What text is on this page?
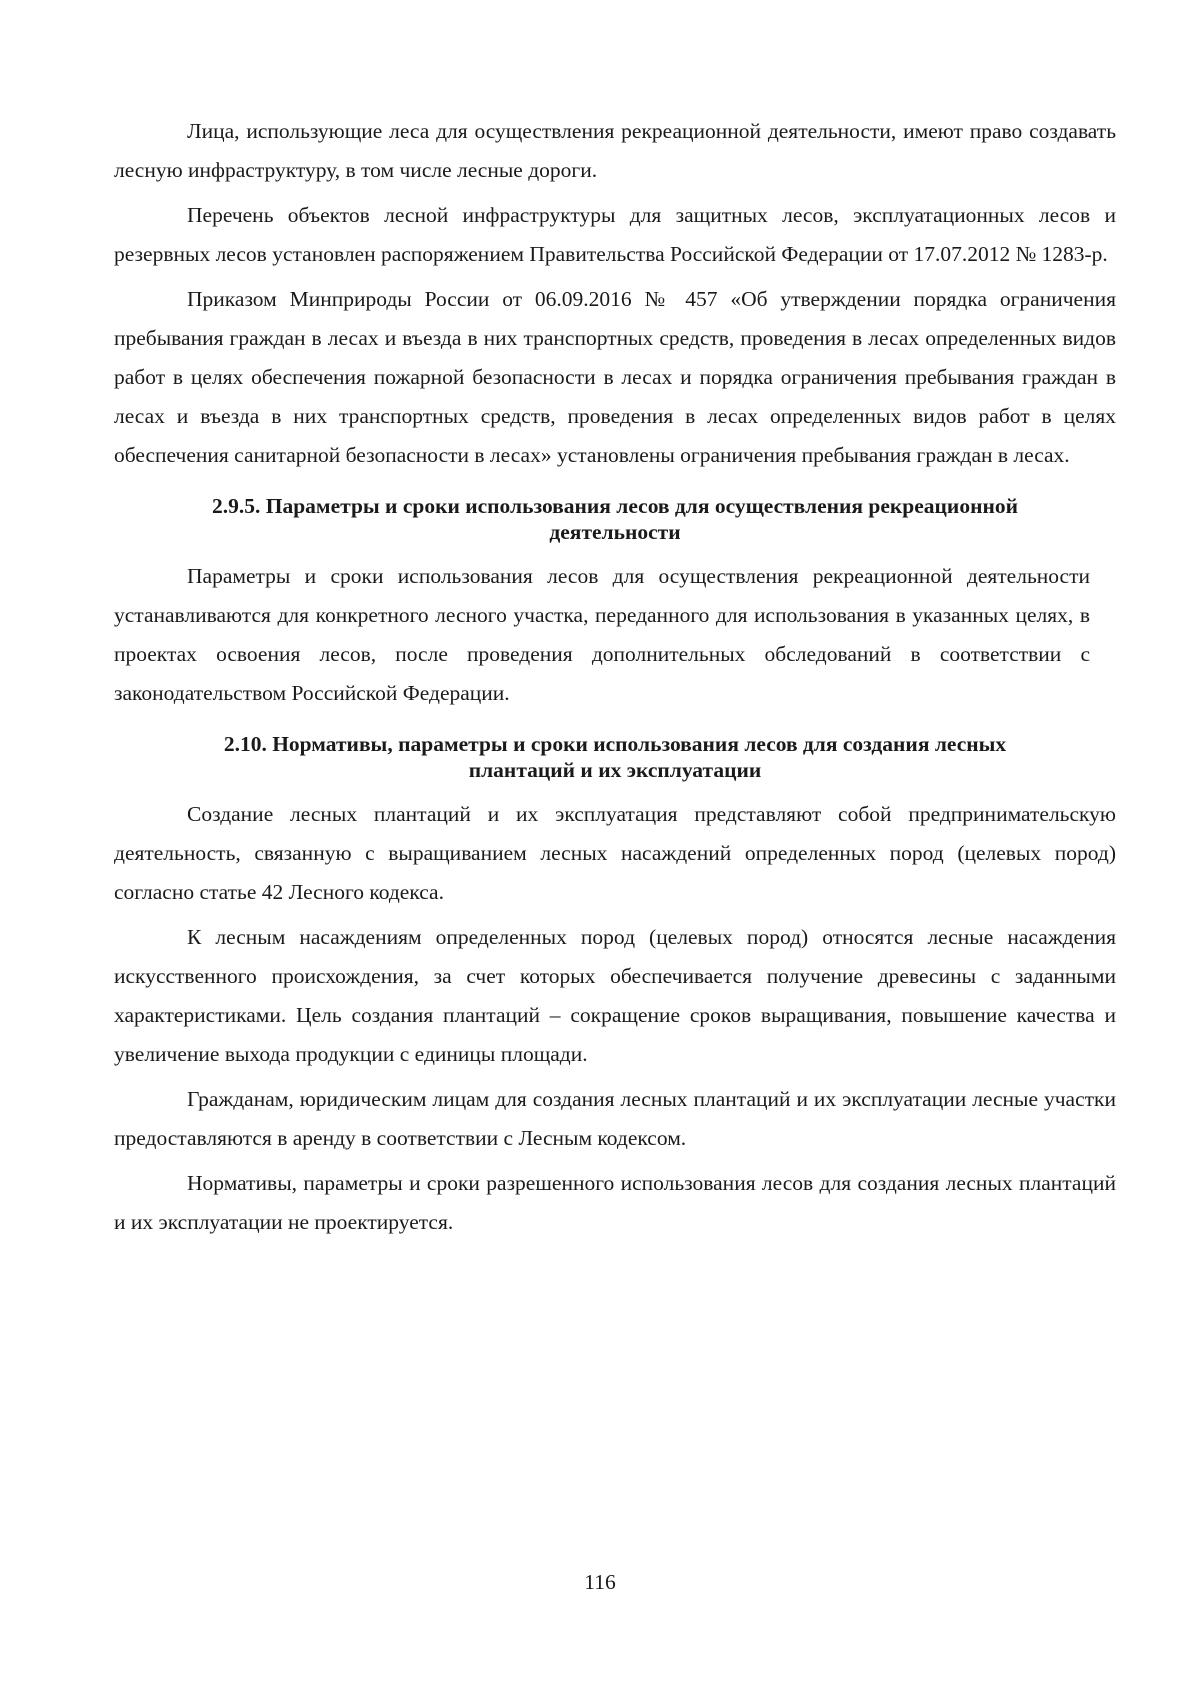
Лица, использующие леса для осуществления рекреационной деятельности, имеют право создавать лесную инфраструктуру, в том числе лесные дороги.

Перечень объектов лесной инфраструктуры для защитных лесов, эксплуатационных лесов и резервных лесов установлен распоряжением Правительства Российской Федерации от 17.07.2012 № 1283-р.

Приказом Минприроды России от 06.09.2016 № 457 «Об утверждении порядка ограничения пребывания граждан в лесах и въезда в них транспортных средств, проведения в лесах определенных видов работ в целях обеспечения пожарной безопасности в лесах и порядка ограничения пребывания граждан в лесах и въезда в них транспортных средств, проведения в лесах определенных видов работ в целях обеспечения санитарной безопасности в лесах» установлены ограничения пребывания граждан в лесах.

2.9.5. Параметры и сроки использования лесов для осуществления рекреационной
деятельности

Параметры и сроки использования лесов для осуществления рекреационной деятельности устанавливаются для конкретного лесного участка, переданного для использования в указанных целях, в проектах освоения лесов, после проведения дополнительных обследований в соответствии с законодательством Российской Федерации.

2.10. Нормативы, параметры и сроки использования лесов для создания лесных
плантаций и их эксплуатации

Создание лесных плантаций и их эксплуатация представляют собой предпринимательскую деятельность, связанную с выращиванием лесных насаждений определенных пород (целевых пород) согласно статье 42 Лесного кодекса.

К лесным насаждениям определенных пород (целевых пород) относятся лесные насаждения искусственного происхождения, за счет которых обеспечивается получение древесины с заданными характеристиками. Цель создания плантаций – сокращение сроков выращивания, повышение качества и увеличение выхода продукции с единицы площади.

Гражданам, юридическим лицам для создания лесных плантаций и их эксплуатации лесные участки предоставляются в аренду в соответствии с Лесным кодексом.

Нормативы, параметры и сроки разрешенного использования лесов для создания лесных плантаций и их эксплуатации не проектируется.

116
